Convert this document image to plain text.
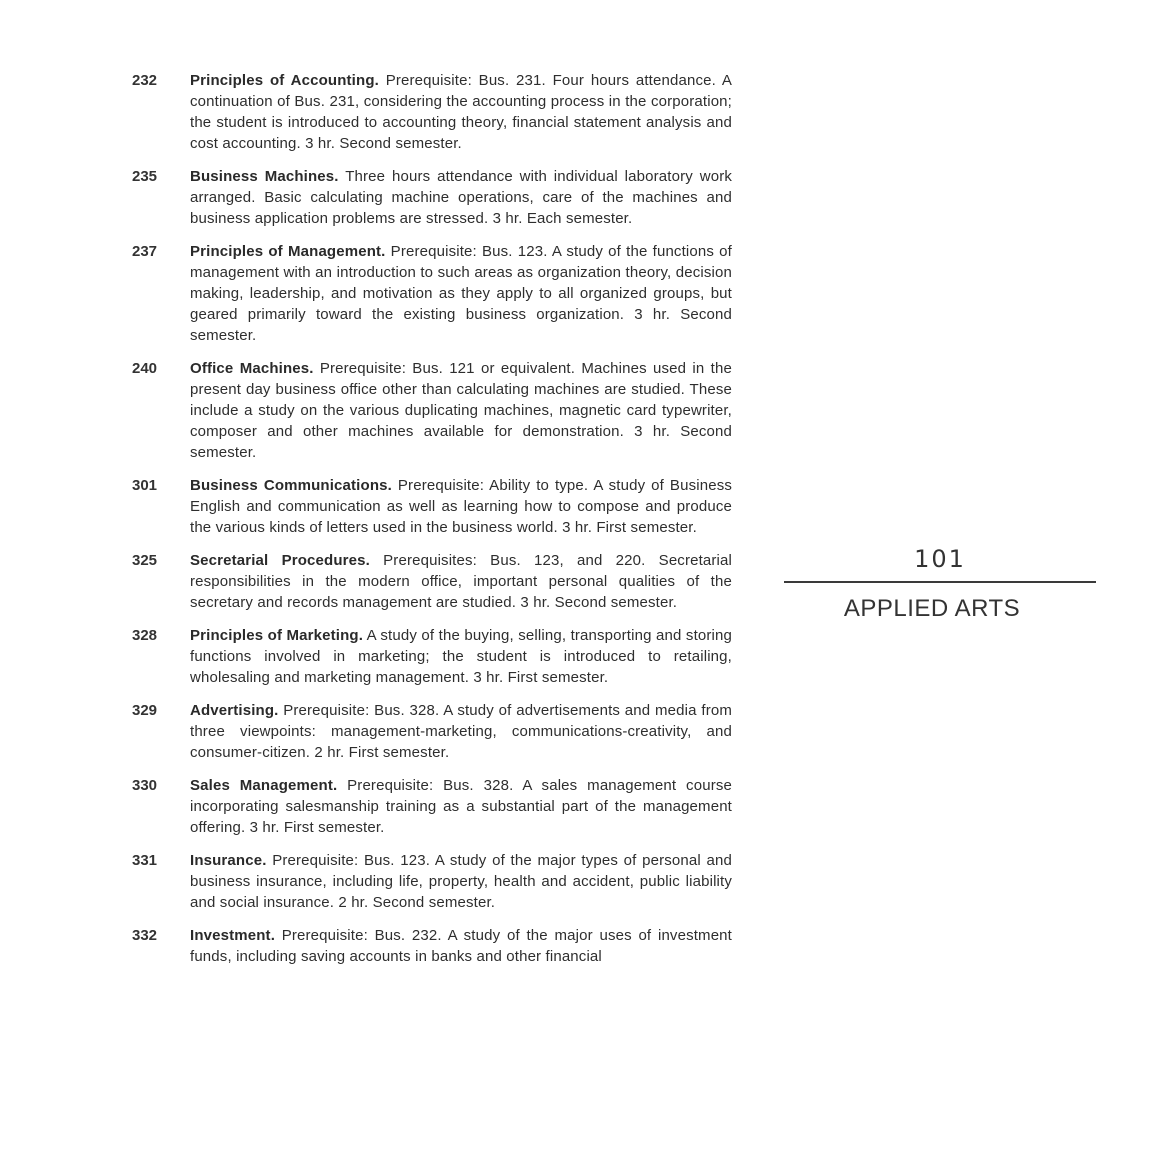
232	Principles of Accounting. Prerequisite: Bus. 231. Four hours attendance. A continuation of Bus. 231, considering the accounting process in the corporation; the student is introduced to accounting theory, financial statement analysis and cost accounting. 3 hr. Second semester.

235	Business Machines. Three hours attendance with individual laboratory work arranged. Basic calculating machine operations, care of the machines and business application problems are stressed. 3 hr. Each semester.

237	Principles of Management. Prerequisite: Bus. 123. A study of the functions of management with an introduction to such areas as organization theory, decision making, leadership, and motivation as they apply to all organized groups, but geared primarily toward the existing business organization. 3 hr. Second semester.

240	Office Machines. Prerequisite: Bus. 121 or equivalent. Machines used in the present day business office other than calculating machines are studied. These include a study on the various duplicating machines, magnetic card typewriter, composer and other machines available for demonstration. 3 hr. Second semester.

301	Business Communications. Prerequisite: Ability to type. A study of Business English and communication as well as learning how to compose and produce the various kinds of letters used in the business world. 3 hr. First semester.

325	Secretarial Procedures. Prerequisites: Bus. 123, and 220. Secretarial responsibilities in the modern office, important personal qualities of the secretary and records management are studied. 3 hr. Second semester.

328	Principles of Marketing. A study of the buying, selling, transporting and storing functions involved in marketing; the student is introduced to retailing, wholesaling and marketing management. 3 hr. First semester.

329	Advertising. Prerequisite: Bus. 328. A study of advertisements and media from three viewpoints: management-marketing, communications-creativity, and consumer-citizen. 2 hr. First semester.

330	Sales Management. Prerequisite: Bus. 328. A sales management course incorporating salesmanship training as a substantial part of the management offering. 3 hr. First semester.

331	Insurance. Prerequisite: Bus. 123. A study of the major types of personal and business insurance, including life, property, health and accident, public liability and social insurance. 2 hr. Second semester.

332	Investment. Prerequisite: Bus. 232. A study of the major uses of investment funds, including saving accounts in banks and other financial

101
APPLIED ARTS
